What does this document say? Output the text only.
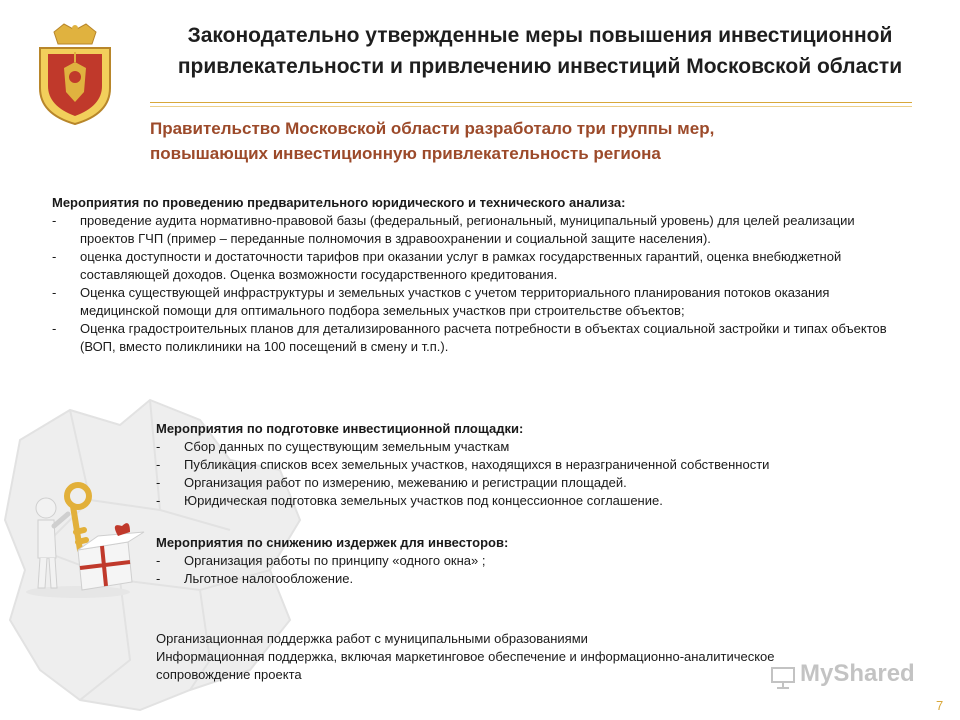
Законодательно утвержденные меры повышения инвестиционной
привлекательности и привлечению инвестиций Московской области
Правительство Московской области разработало три группы мер,
повышающих инвестиционную привлекательность региона
Мероприятия по проведению предварительного юридического и технического анализа:
-	проведение аудита нормативно-правовой базы (федеральный, региональный, муниципальный уровень) для целей реализации проектов ГЧП (пример – переданные полномочия в здравоохранении и социальной защите населения).
-	оценка доступности и достаточности тарифов при оказании услуг в рамках государственных гарантий, оценка внебюджетной составляющей доходов. Оценка возможности государственного кредитования.
-	Оценка существующей инфраструктуры и земельных участков с учетом территориального планирования потоков оказания медицинской помощи для оптимального подбора земельных участков при строительстве объектов;
-	Оценка градостроительных планов для детализированного расчета потребности в объектах социальной застройки и типах объектов (ВОП, вместо поликлиники на 100 посещений в смену и т.п.).
Мероприятия по подготовке инвестиционной площадки:
-	Сбор данных по существующим земельным участкам
-	Публикация списков всех земельных участков, находящихся в неразграниченной собственности
-	Организация работ по измерению, межеванию и регистрации площадей.
-	Юридическая подготовка земельных участков под концессионное соглашение.
Мероприятия по снижению издержек для инвесторов:
-	Организация работы по принципу «одного окна» ;
-	Льготное налогообложение.
Организационная поддержка работ с муниципальными образованиями
Информационная поддержка, включая маркетинговое обеспечение и информационно-аналитическое
сопровождение проекта	MyShared
7
